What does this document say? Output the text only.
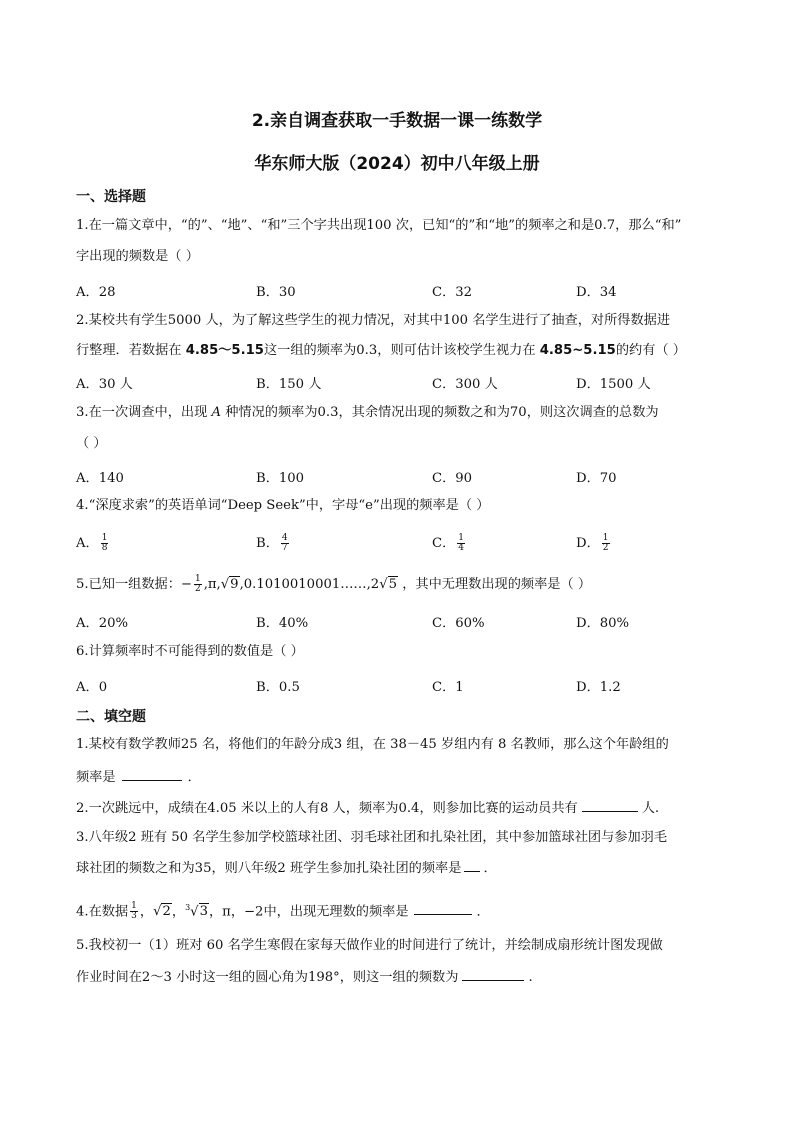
2.亲自调查获取一手数据一课一练数学
华东师大版（2024）初中八年级上册
一、选择题
1.在一篇文章中，“的”、“地”、“和”三个字共出现100 次，已知“的”和“地”的频率之和是0.7，那么“和”
字出现的频数是（ ）
A．28	B．30	C．32	D．34
2.某校共有学生5000 人，为了解这些学生的视力情况，对其中100 名学生进行了抽查，对所得数据进
行整理．若数据在 4.85～5.15这一组的频率为0.3，则可估计该校学生视力在 4.85~5.15的约有（ ）
A．30 人	B．150 人	C．300 人	D．1500 人
3.在一次调查中，出现 A 种情况的频率为0.3，其余情况出现的频数之和为70，则这次调查的总数为
（ ）
A．140	B．100	C．90	D．70
4.“深度求索”的英语单词“Deep Seek”中，字母“e”出现的频率是（ ）
A． $\frac{1}{8}$	B． $\frac{4}{7}$	C． $\frac{1}{4}$	D． $\frac{1}{2}$
5.已知一组数据：− $\frac{1}{2}$ ,π,√9,0.1010010001……,2√5 ，其中无理数出现的频率是（ ）
A．20%	B．40%	C．60%	D．80%
6.计算频率时不可能得到的数值是（ ）
A．0	B．0.5	C．1	D．1.2
二、填空题
1.某校有数学教师25 名，将他们的年龄分成3 组，在 38－45 岁组内有 8 名教师，那么这个年龄组的
频率是	．
2.一次跳远中，成绩在4.05 米以上的人有8 人，频率为0.4，则参加比赛的运动员共有	人.
3.八年级2 班有 50 名学生参加学校篮球社团、羽毛球社团和扎染社团，其中参加篮球社团与参加羽毛
球社团的频数之和为35，则八年级2 班学生参加扎染社团的频率是 ．
4.在数据 $\frac{1}{3}$ ，√2，$^3$√3，π，−2中，出现无理数的频率是	．
5.我校初一（1）班对 60 名学生寒假在家每天做作业的时间进行了统计，并绘制成扇形统计图发现做
作业时间在2～3 小时这一组的圆心角为198°，则这一组的频数为	.
